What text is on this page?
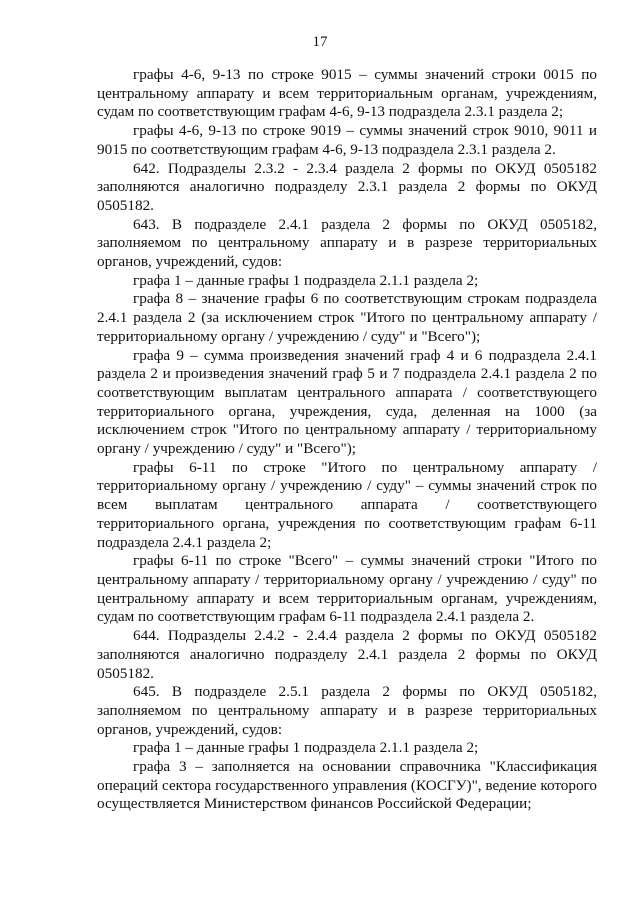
17

графы 4-6, 9-13 по строке 9015 – суммы значений строки 0015 по центральному аппарату и всем территориальным органам, учреждениям, судам по соответствующим графам 4-6, 9-13 подраздела 2.3.1 раздела 2;

графы 4-6, 9-13 по строке 9019 – суммы значений строк 9010, 9011 и 9015 по соответствующим графам 4-6, 9-13 подраздела 2.3.1 раздела 2.

642. Подразделы 2.3.2 - 2.3.4 раздела 2 формы по ОКУД 0505182 заполняются аналогично подразделу 2.3.1 раздела 2 формы по ОКУД 0505182.

643. В подразделе 2.4.1 раздела 2 формы по ОКУД 0505182, заполняемом по центральному аппарату и в разрезе территориальных органов, учреждений, судов:

графа 1 – данные графы 1 подраздела 2.1.1 раздела 2;

графа 8 – значение графы 6 по соответствующим строкам подраздела 2.4.1 раздела 2 (за исключением строк "Итого по центральному аппарату / территориальному органу / учреждению / суду" и "Всего");

графа 9 – сумма произведения значений граф 4 и 6 подраздела 2.4.1 раздела 2 и произведения значений граф 5 и 7 подраздела 2.4.1 раздела 2 по соответствующим выплатам центрального аппарата / соответствующего территориального органа, учреждения, суда, деленная на 1000 (за исключением строк "Итого по центральному аппарату / территориальному органу / учреждению / суду" и "Всего");

графы 6-11 по строке "Итого по центральному аппарату / территориальному органу / учреждению / суду" – суммы значений строк по всем выплатам центрального аппарата / соответствующего территориального органа, учреждения по соответствующим графам 6-11 подраздела 2.4.1 раздела 2;

графы 6-11 по строке "Всего" – суммы значений строки "Итого по центральному аппарату / территориальному органу / учреждению / суду" по центральному аппарату и всем территориальным органам, учреждениям, судам по соответствующим графам 6-11 подраздела 2.4.1 раздела 2.

644. Подразделы 2.4.2 - 2.4.4 раздела 2 формы по ОКУД 0505182 заполняются аналогично подразделу 2.4.1 раздела 2 формы по ОКУД 0505182.

645. В подразделе 2.5.1 раздела 2 формы по ОКУД 0505182, заполняемом по центральному аппарату и в разрезе территориальных органов, учреждений, судов:

графа 1 – данные графы 1 подраздела 2.1.1 раздела 2;

графа 3 – заполняется на основании справочника "Классификация операций сектора государственного управления (КОСГУ)", ведение которого осуществляется Министерством финансов Российской Федерации;
